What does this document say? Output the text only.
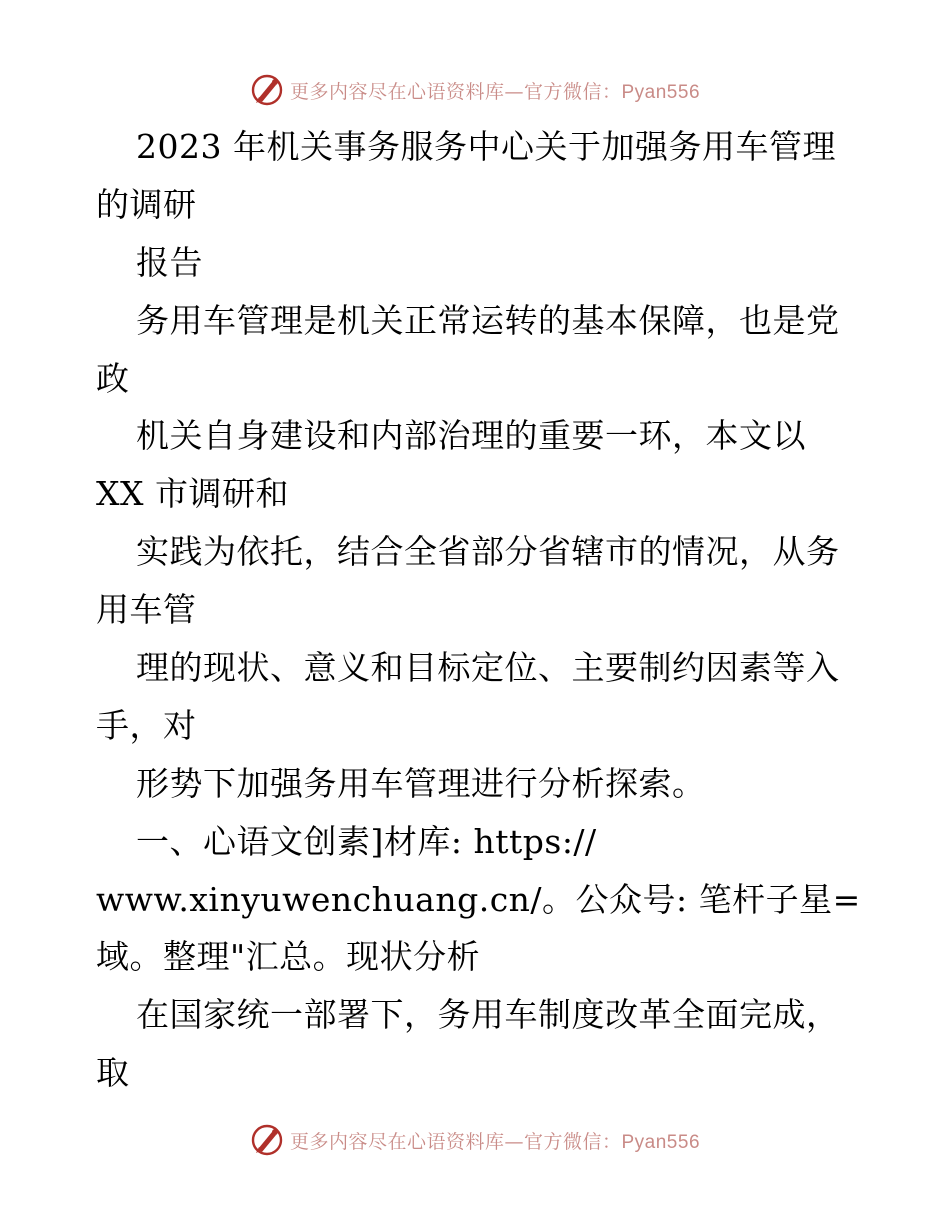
更多内容尽在心语资料库—官方微信：Pyan556
2023 年机关事务服务中心关于加强务用车管理
的调研
报告
务用车管理是机关正常运转的基本保障，也是党
政
机关自身建设和内部治理的重要一环，本文以
XX 市调研和
实践为依托，结合全省部分省辖市的情况，从务
用车管
理的现状、意义和目标定位、主要制约因素等入
手，对
形势下加强务用车管理进行分析探索。
一、心语文创素]材库: https://
www.xinyuwenchuang.cn/。公众号: 笔杆子星=
域。整理"汇总。现状分析
在国家统一部署下，务用车制度改革全面完成，
取
更多内容尽在心语资料库—官方微信：Pyan556
